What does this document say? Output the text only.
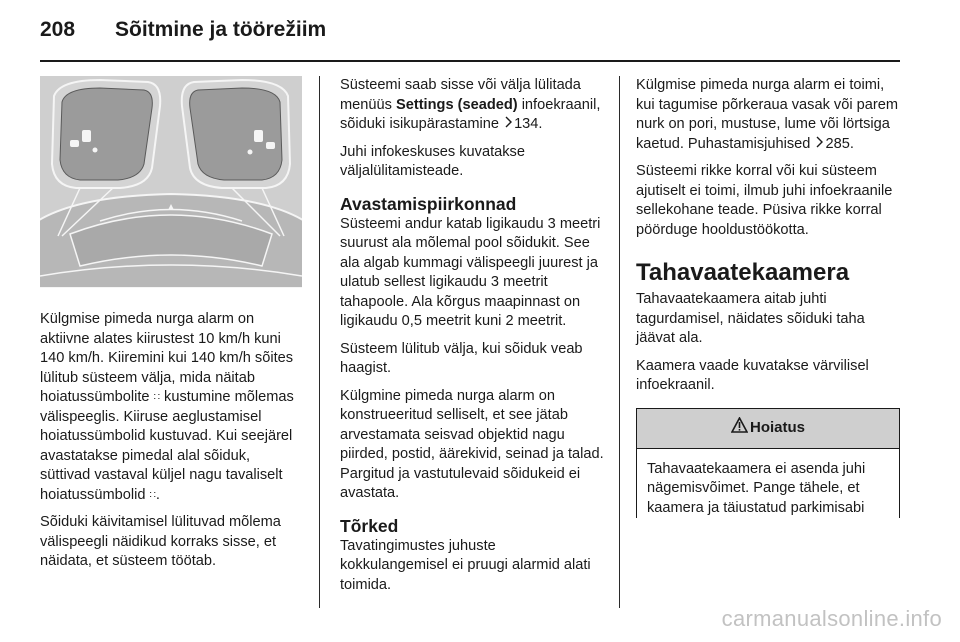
208 Sõitmine ja töörežiim

Külgmise pimeda nurga alarm on aktiivne alates kiirustest 10 km/h kuni 140 km/h. Kiiremini kui 140 km/h sõites lülitub süsteem välja, mida näitab hoiatussümbolite ∷ kustumine mõlemas välispeeglis. Kiiruse aeglustamisel hoiatussümbolid kustuvad. Kui seejärel avastatakse pimedal alal sõiduk, süttivad vastaval küljel nagu tavaliselt hoiatussümbolid ∷.

Sõiduki käivitamisel lülituvad mõlema välispeegli näidikud korraks sisse, et näidata, et süsteem töötab.

Süsteemi saab sisse või välja lülitada menüüs Settings (seaded) infoekraanil, sõiduki isikupärastamine 134.

Juhi infokeskuses kuvatakse väljalülitamisteade.

Avastamispiirkonnad

Süsteemi andur katab ligikaudu 3 meetri suurust ala mõlemal pool sõidukit. See ala algab kummagi välispeegli juurest ja ulatub sellest ligikaudu 3 meetrit tahapoole. Ala kõrgus maapinnast on ligikaudu 0,5 meetrit kuni 2 meetrit.

Süsteem lülitub välja, kui sõiduk veab haagist.

Külgmine pimeda nurga alarm on konstrueeritud selliselt, et see jätab arvestamata seisvad objektid nagu piirded, postid, äärekivid, seinad ja talad. Pargitud ja vastutulevaid sõidukeid ei avastata.

Tõrked

Tavatingimustes juhuste kokkulangemisel ei pruugi alarmid alati toimida.

Külgmise pimeda nurga alarm ei toimi, kui tagumise põrkeraua vasak või parem nurk on pori, mustuse, lume või lörtsiga kaetud. Puhastamisjuhised 285.

Süsteemi rikke korral või kui süsteem ajutiselt ei toimi, ilmub juhi infoekraanile sellekohane teade. Püsiva rikke korral pöörduge hooldustöökotta.

Tahavaatekaamera

Tahavaatekaamera aitab juhti tagurdamisel, näidates sõiduki taha jäävat ala.

Kaamera vaade kuvatakse värvilisel infoekraanil.

Hoiatus
Tahavaatekaamera ei asenda juhi nägemisvõimet. Pange tähele, et kaamera ja täiustatud parkimisabi
carmanualsonline.info
